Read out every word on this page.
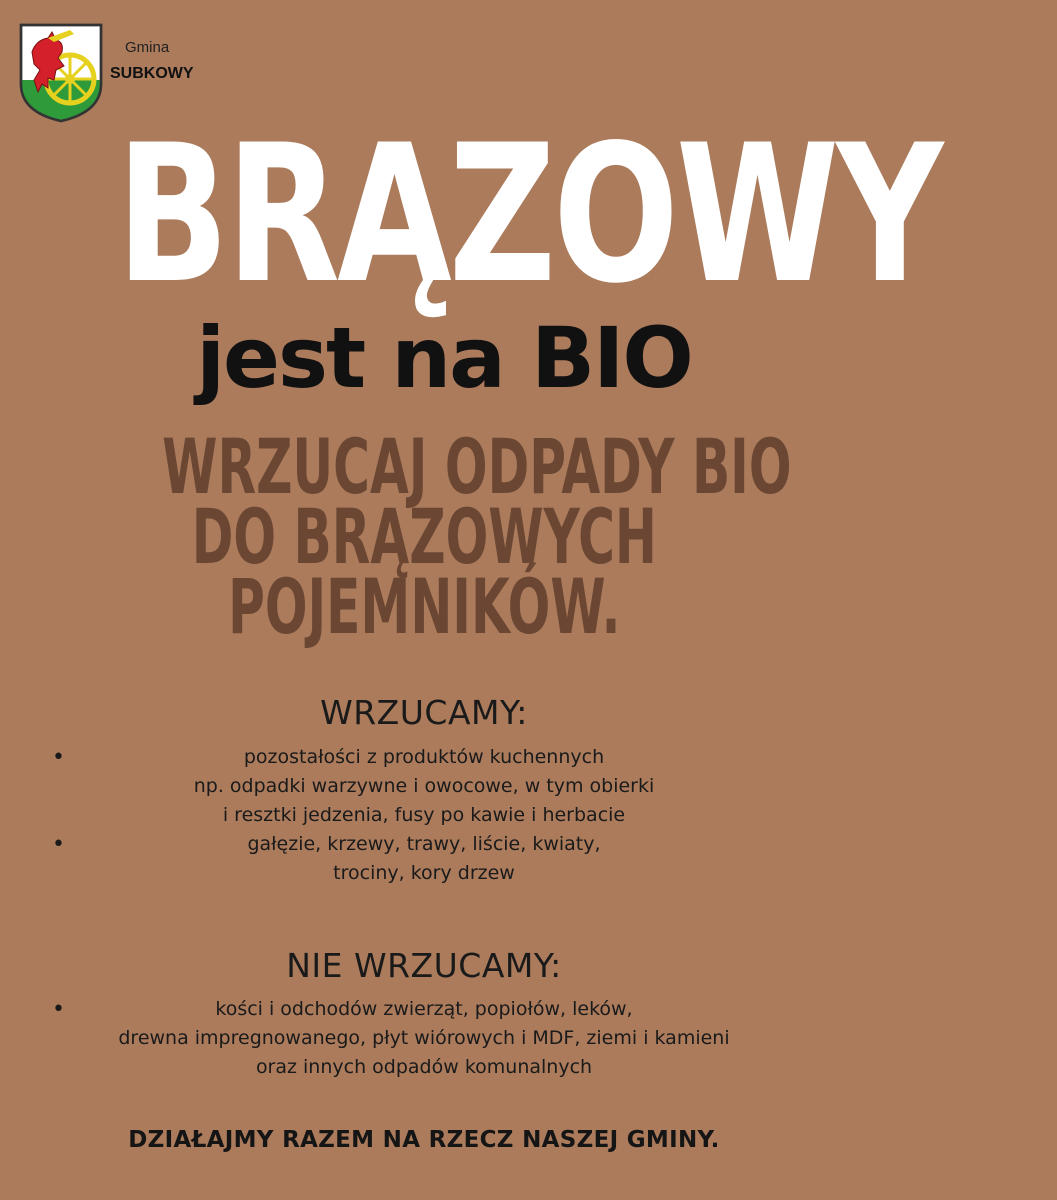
Gmina
SUBKOWY
BRĄZOWY
jest na BIO
WRZUCAJ ODPADY BIO
DO BRĄZOWYCH
POJEMNIKÓW.
WRZUCAMY:
•	pozostałości z produktów kuchennych
np. odpadki warzywne i owocowe, w tym obierki
i resztki jedzenia, fusy po kawie i herbacie
•	gałęzie, krzewy, trawy, liście, kwiaty,
trociny, kory drzew
NIE WRZUCAMY:
•	kości i odchodów zwierząt, popiołów, leków,
drewna impregnowanego, płyt wiórowych i MDF, ziemi i kamieni
oraz innych odpadów komunalnych
DZIAŁAJMY RAZEM NA RZECZ NASZEJ GMINY.
